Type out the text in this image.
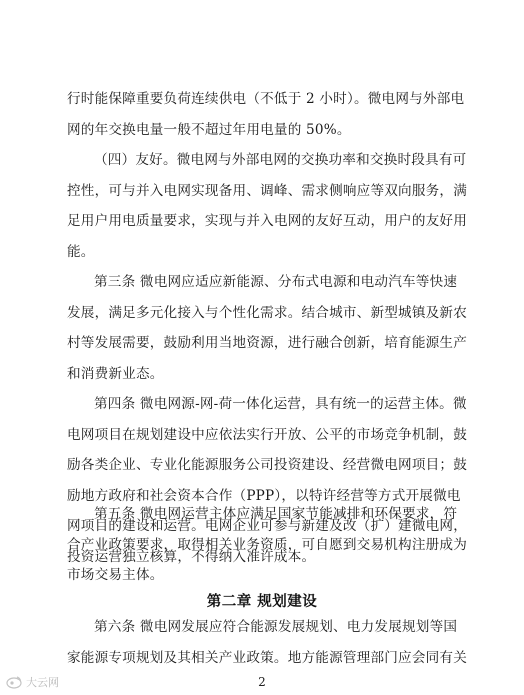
行时能保障重要负荷连续供电（不低于 2 小时）。微电网与外部电
网的年交换电量一般不超过年用电量的 50%。

（四）友好。微电网与外部电网的交换功率和交换时段具有可
控性，可与并入电网实现备用、调峰、需求侧响应等双向服务，满
足用户用电质量要求，实现与并入电网的友好互动，用户的友好用
能。

第三条 微电网应适应新能源、分布式电源和电动汽车等快速
发展，满足多元化接入与个性化需求。结合城市、新型城镇及新农
村等发展需要，鼓励利用当地资源，进行融合创新，培育能源生产
和消费新业态。

第四条 微电网源-网-荷一体化运营，具有统一的运营主体。微
电网项目在规划建设中应依法实行开放、公平的市场竞争机制，鼓
励各类企业、专业化能源服务公司投资建设、经营微电网项目；鼓
励地方政府和社会资本合作（PPP），以特许经营等方式开展微电
网项目的建设和运营。电网企业可参与新建及改（扩）建微电网，
投资运营独立核算，不得纳入准许成本。

第五条 微电网运营主体应满足国家节能减排和环保要求，符
合产业政策要求，取得相关业务资质，可自愿到交易机构注册成为
市场交易主体。

第二章 规划建设

第六条 微电网发展应符合能源发展规划、电力发展规划等国
家能源专项规划及其相关产业政策。地方能源管理部门应会同有关

大云网	2
